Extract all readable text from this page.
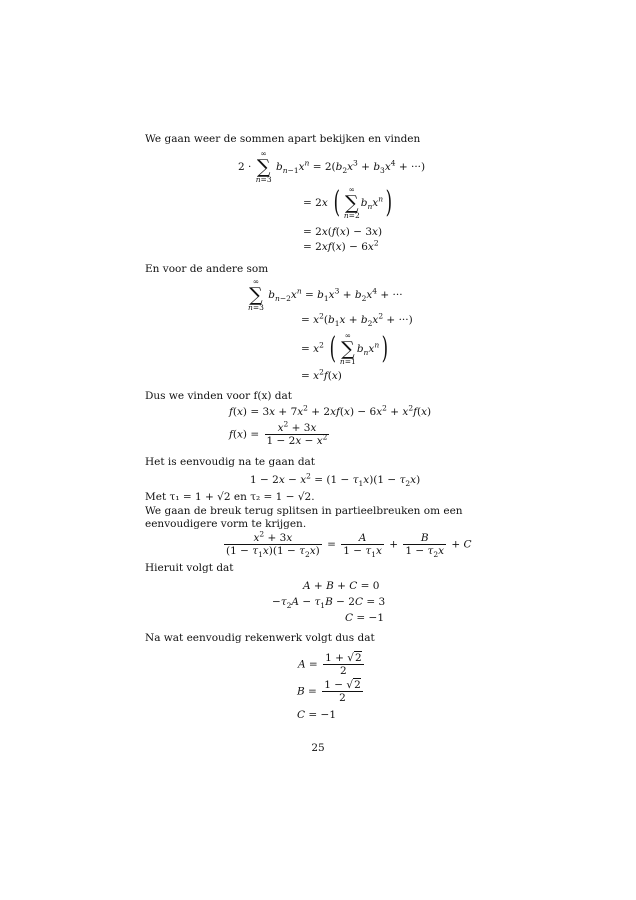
We gaan weer de sommen apart bekijken en vinden
2 ·
∞
∑
n=3
$b_{n-1}x^n = 2(b_2x^3 + b_3x^4$ + ···)
= 2x (	∞
∑
n=2
$b_nx^n$)
= 2x(f(x) − 3x)
= $2xf(x) - 6x^2$
En voor de andere som
∞
∑
n=3
$b_{n-2}x^n = b_1x^3 + b_2x^4$ + ···
= $x^2(b_1x + b_2x^2$ + ···)
= $x^2$ (	∞
∑
n=1
$b_nx^n$)
= $x^2f(x)$
Dus we vinden voor f(x) dat
$f(x) = 3x + 7x^2 + 2xf(x) - 6x^2 + x^2f(x)$
$f(x) = \frac{x^2 + 3x}{1 - 2x - x^2}$
Het is eenvoudig na te gaan dat
$1 - 2x - x^2 = (1 - \tau_1x)(1 - \tau_2x)$
Met τ₁ = 1 + √2 en τ₂ = 1 − √2.
We gaan de breuk terug splitsen in partieelbreuken om een eenvoudigere vorm te krijgen.
$\frac{x^2 + 3x}{(1 - \tau_1x)(1 - \tau_2x)} = \frac{A}{1 - \tau_1x} + \frac{B}{1 - \tau_2x} + C$
Hieruit volgt dat
A + B + C = 0
$-\tau_2A - \tau_1B - 2C = 3$
C = −1
Na wat eenvoudig rekenwerk volgt dus dat
$A = \frac{1 + √2}{2}$
$B = \frac{1 - √2}{2}$
C = −1
25
